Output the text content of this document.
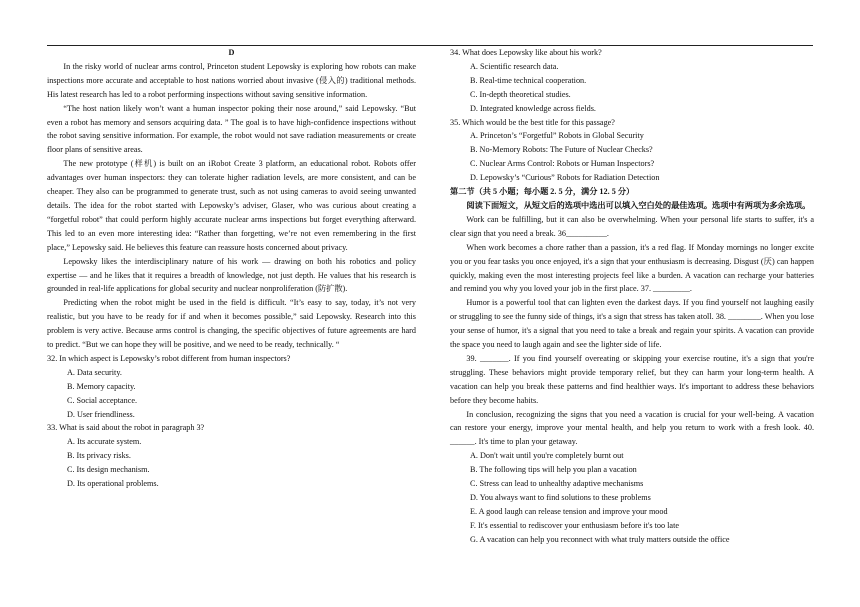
D

In the risky world of nuclear arms control, Princeton student Lepowsky is exploring how robots can make inspections more accurate and acceptable to host nations worried about invasive (侵入的) traditional methods. His latest research has led to a robot performing inspections without saving sensitive information.

“The host nation likely won’t want a human inspector poking their nose around,” said Lepowsky. “But even a robot has memory and sensors acquiring data. ” The goal is to have high-confidence inspections without the robot saving sensitive information. For example, the robot would not save radiation measurements or create floor plans of sensitive areas.

The new prototype (样机) is built on an iRobot Create 3 platform, an educational robot. Robots offer advantages over human inspectors: they can tolerate higher radiation levels, are more consistent, and can be cheaper. They also can be programmed to generate trust, such as not using cameras to avoid seeing unwanted details. The idea for the robot started with Lepowsky’s adviser, Glaser, who was curious about creating a “forgetful robot” that could perform highly accurate nuclear arms inspections but forget everything afterward. This led to an even more interesting idea: “Rather than forgetting, we’re not even remembering in the first place,” Lepowsky said. He believes this feature can reassure hosts concerned about privacy.

Lepowsky likes the interdisciplinary nature of his work — drawing on both his robotics and policy expertise — and he likes that it requires a breadth of knowledge, not just depth. He values that his research is grounded in real-life applications for global security and nuclear nonproliferation (防扩散).

Predicting when the robot might be used in the field is difficult. “It’s easy to say, today, it’s not very realistic, but you have to be ready for if and when it becomes possible,” said Lepowsky. Research into this problem is very active. Because arms control is changing, the specific objectives of future agreements are hard to predict. “But we can hope they will be positive, and we need to be ready, technically. “

32. In which aspect is Lepowsky’s robot different from human inspectors?

A. Data security.

B. Memory capacity.

C. Social acceptance.

D. User friendliness.

33. What is said about the robot in paragraph 3?

A. Its accurate system.

B. Its privacy risks.

C. Its design mechanism.

D. Its operational problems.

34. What does Lepowsky like about his work?

A. Scientific research data.

B. Real-time technical cooperation.

C. In-depth theoretical studies.

D. Integrated knowledge across fields.

35. Which would be the best title for this passage?

A. Princeton’s “Forgetful” Robots in Global Security

B. No-Memory Robots: The Future of Nuclear Checks?

C. Nuclear Arms Control: Robots or Human Inspectors?

D. Lepowsky’s “Curious” Robots for Radiation Detection

第二节（共 5 小题；每小题 2. 5 分，满分 12. 5 分）

阅读下面短文，从短文后的选项中选出可以填入空白处的最佳选项。选项中有两项为多余选项。

Work can be fulfilling, but it can also be overwhelming. When your personal life starts to suffer, it's a clear sign that you need a break. 36__________.

When work becomes a chore rather than a passion, it's a red flag. If Monday mornings no longer excite you or you fear tasks you once enjoyed, it's a sign that your enthusiasm is decreasing. Disgust (厌) can happen quickly, making even the most interesting projects feel like a burden. A vacation can recharge your batteries and remind you why you loved your job in the first place. 37. _________.

Humor is a powerful tool that can lighten even the darkest days. If you find yourself not laughing easily or struggling to see the funny side of things, it's a sign that stress has taken atoll. 38. ________. When you lose your sense of humor, it's a signal that you need to take a break and regain your spirits. A vacation can provide the space you need to laugh again and see the lighter side of life.

39. _______. If you find yourself overeating or skipping your exercise routine, it's a sign that you're struggling. These behaviors might provide temporary relief, but they can harm your long-term health. A vacation can help you break these patterns and find healthier ways. It's important to address these behaviors before they become habits.

In conclusion, recognizing the signs that you need a vacation is crucial for your well-being. A vacation can restore your energy, improve your mental health, and help you return to work with a fresh look. 40. ______. It's time to plan your getaway.

A. Don't wait until you're completely burnt out

B. The following tips will help you plan a vacation

C. Stress can lead to unhealthy adaptive mechanisms

D. You always want to find solutions to these problems

E. A good laugh can release tension and improve your mood

F. It's essential to rediscover your enthusiasm before it's too late

G. A vacation can help you reconnect with what truly matters outside the office
